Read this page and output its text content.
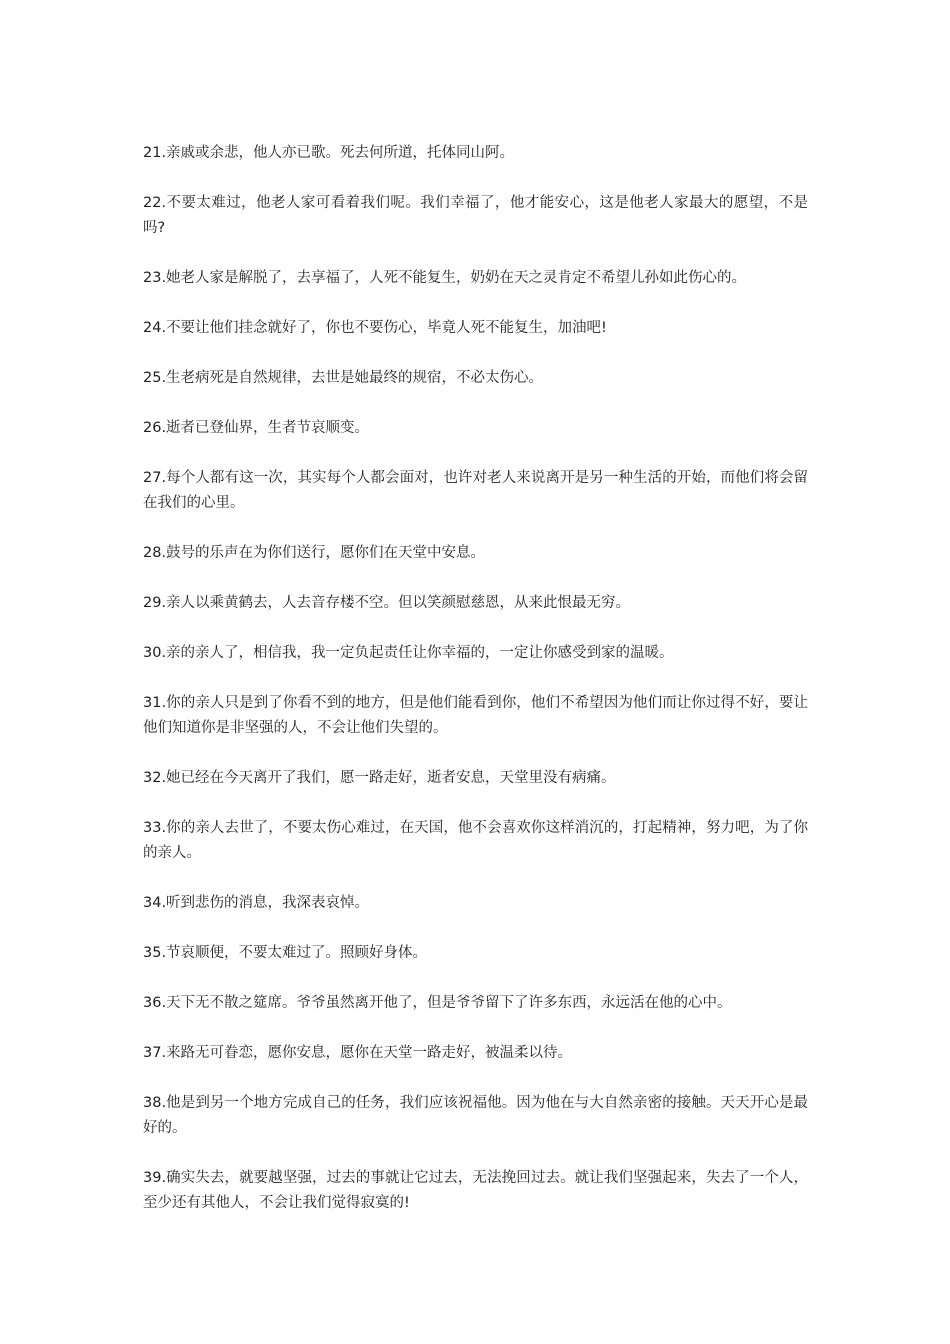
21.亲戚或余悲，他人亦已歌。死去何所道，托体同山阿。

22.不要太难过，他老人家可看着我们呢。我们幸福了，他才能安心，这是他老人家最大的愿望，不是吗?

23.她老人家是解脱了，去享福了，人死不能复生，奶奶在天之灵肯定不希望儿孙如此伤心的。

24.不要让他们挂念就好了，你也不要伤心，毕竟人死不能复生，加油吧!

25.生老病死是自然规律，去世是她最终的规宿，不必太伤心。

26.逝者已登仙界，生者节哀顺变。

27.每个人都有这一次，其实每个人都会面对，也许对老人来说离开是另一种生活的开始，而他们将会留在我们的心里。

28.鼓号的乐声在为你们送行，愿你们在天堂中安息。

29.亲人以乘黄鹤去，人去音存楼不空。但以笑颜慰慈恩，从来此恨最无穷。

30.亲的亲人了，相信我，我一定负起责任让你幸福的，一定让你感受到家的温暖。

31.你的亲人只是到了你看不到的地方，但是他们能看到你，他们不希望因为他们而让你过得不好，要让他们知道你是非坚强的人，不会让他们失望的。

32.她已经在今天离开了我们，愿一路走好，逝者安息，天堂里没有病痛。

33.你的亲人去世了，不要太伤心难过，在天国，他不会喜欢你这样消沉的，打起精神，努力吧，为了你的亲人。

34.听到悲伤的消息，我深表哀悼。

35.节哀顺便，不要太难过了。照顾好身体。

36.天下无不散之筵席。爷爷虽然离开他了，但是爷爷留下了许多东西，永远活在他的心中。

37.来路无可眷恋，愿你安息，愿你在天堂一路走好，被温柔以待。

38.他是到另一个地方完成自己的任务，我们应该祝福他。因为他在与大自然亲密的接触。天天开心是最好的。

39.确实失去，就要越坚强，过去的事就让它过去，无法挽回过去。就让我们坚强起来，失去了一个人，至少还有其他人，不会让我们觉得寂寞的!
